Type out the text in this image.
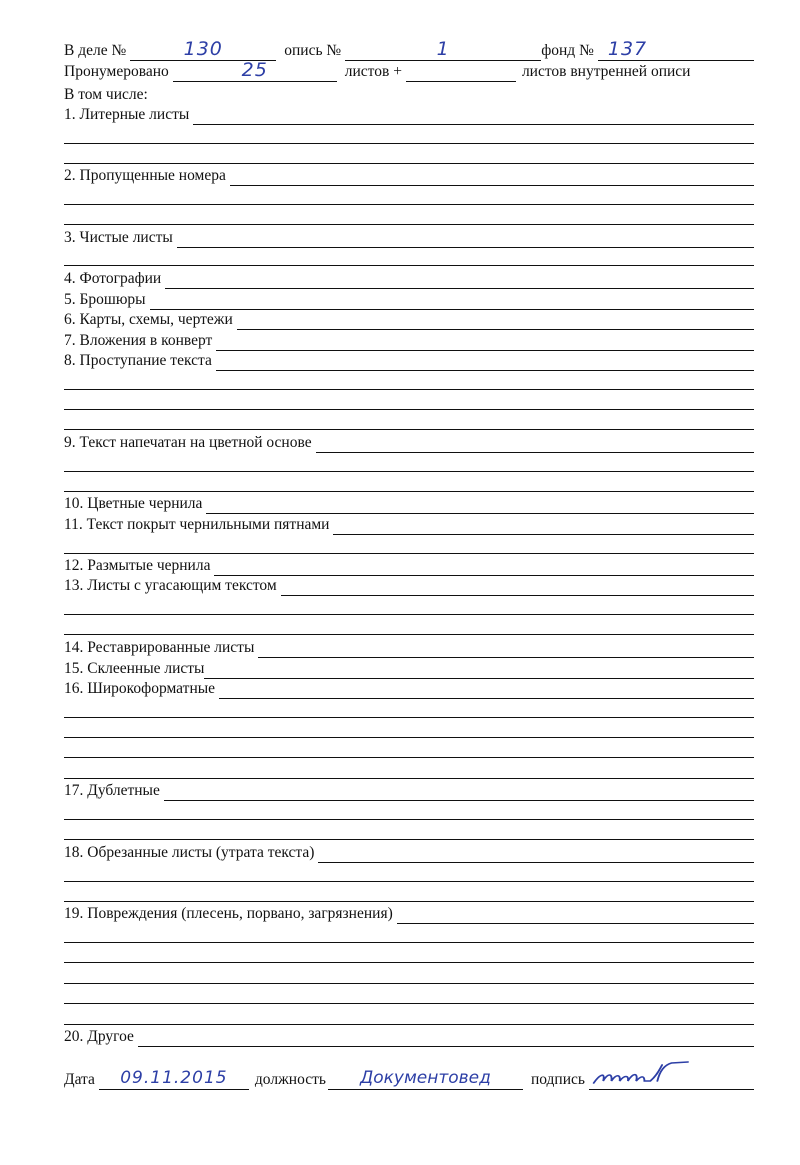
В деле №	130	опись №	1	фонд № 137
Пронумеровано	25	листов +	листов внутренней описи
В том числе:
1. Литерные листы
2. Пропущенные номера
3. Чистые листы
4. Фотографии
5. Брошюры
6. Карты, схемы, чертежи
7. Вложения в конверт
8. Проступание текста
9. Текст напечатан на цветной основе
10. Цветные чернила
11. Текст покрыт чернильными пятнами
12. Размытые чернила
13. Листы с угасающим текстом
14. Реставрированные листы
15. Склеенные листы
16. Широкоформатные
17. Дублетные
18. Обрезанные листы (утрата текста)
19. Повреждения (плесень, порвано, загрязнения)
20. Другое
Дата	09.11.2015	должность	Документовед	подпись
